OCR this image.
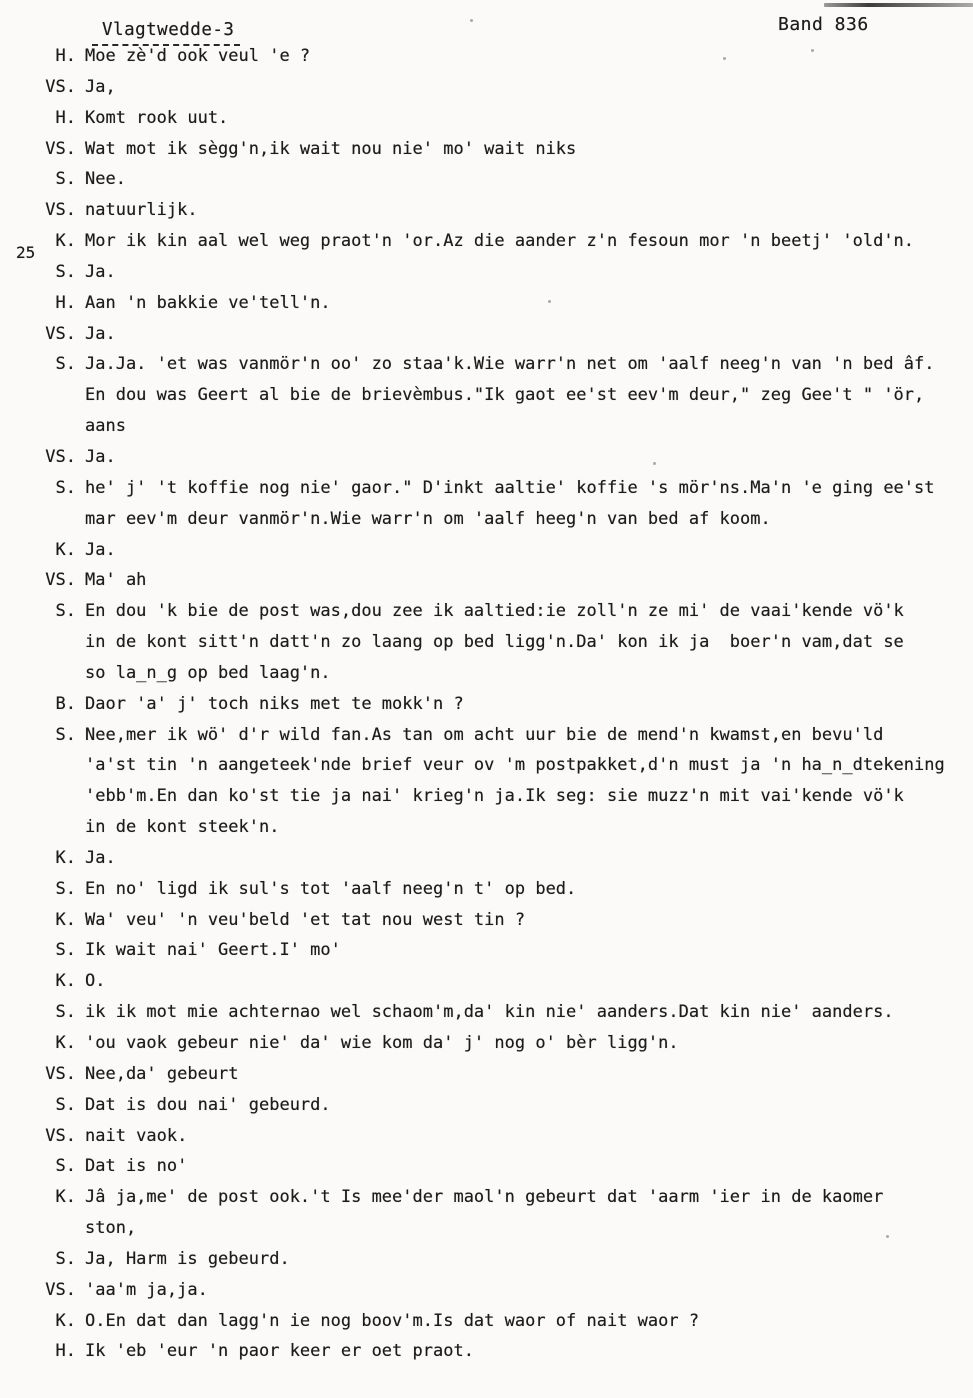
Vlagtwedde-3	Band 836
H. Moe zè'd ook veul 'e ?
VS. Ja,
H. Komt rook uut.
VS. Wat mot ik sègg'n,ik wait nou nie' mo' wait niks
S. Nee.
VS. natuurlijk.
25
K. Mor ik kin aal wel weg praot'n 'or.Az die aander z'n fesoun mor 'n beetj' 'old'n.
S. Ja.
H. Aan 'n bakkie ve'tell'n.
VS. Ja.
S. Ja.Ja. 'et was vanmör'n oo' zo staa'k.Wie warr'n net om 'aalf neeg'n van 'n bed âf.
En dou was Geert al bie de brievèmbus."Ik gaot ee'st eev'm deur," zeg Gee't " 'ör,
aans
VS. Ja.
S. he' j' 't koffie nog nie' gaor." D'inkt aaltie' koffie 's mör'ns.Ma'n 'e ging ee'st
mar eev'm deur vanmör'n.Wie warr'n om 'aalf heeg'n van bed af koom.
K. Ja.
VS. Ma' ah
S. En dou 'k bie de post was,dou zee ik aaltied:ie zoll'n ze mi' de vaai'kende vö'k
in de kont sitt'n datt'n zo laang op bed ligg'n.Da' kon ik ja  boer'n vam,dat se
so la̲n̲g op bed laag'n.
B. Daor 'a' j' toch niks met te mokk'n ?
S. Nee,mer ik wö' d'r wild fan.As tan om acht uur bie de mend'n kwamst,en bevu'ld
'a'st tin 'n aangeteek'nde brief veur ov 'm postpakket,d'n must ja 'n ha̲n̲dtekening
'ebb'm.En dan ko'st tie ja nai' krieg'n ja.Ik seg: sie muzz'n mit vai'kende vö'k
in de kont steek'n.
K. Ja.
S. En no' ligd ik sul's tot 'aalf neeg'n t' op bed.
K. Wa' veu' 'n veu'beld 'et tat nou west tin ?
S. Ik wait nai' Geert.I' mo'
K. O.
S. ik ik mot mie achternao wel schaom'm,da' kin nie' aanders.Dat kin nie' aanders.
K. 'ou vaok gebeur nie' da' wie kom da' j' nog o' bèr ligg'n.
VS. Nee,da' gebeurt
S. Dat is dou nai' gebeurd.
VS. nait vaok.
S. Dat is no'
K. Jâ ja,me' de post ook.'t Is mee'der maol'n gebeurt dat 'aarm 'ier in de kaomer
ston,
S. Ja, Harm is gebeurd.
VS. 'aa'm ja,ja.
K. O.En dat dan lagg'n ie nog boov'm.Is dat waor of nait waor ?
H. Ik 'eb 'eur 'n paor keer er oet praot.
